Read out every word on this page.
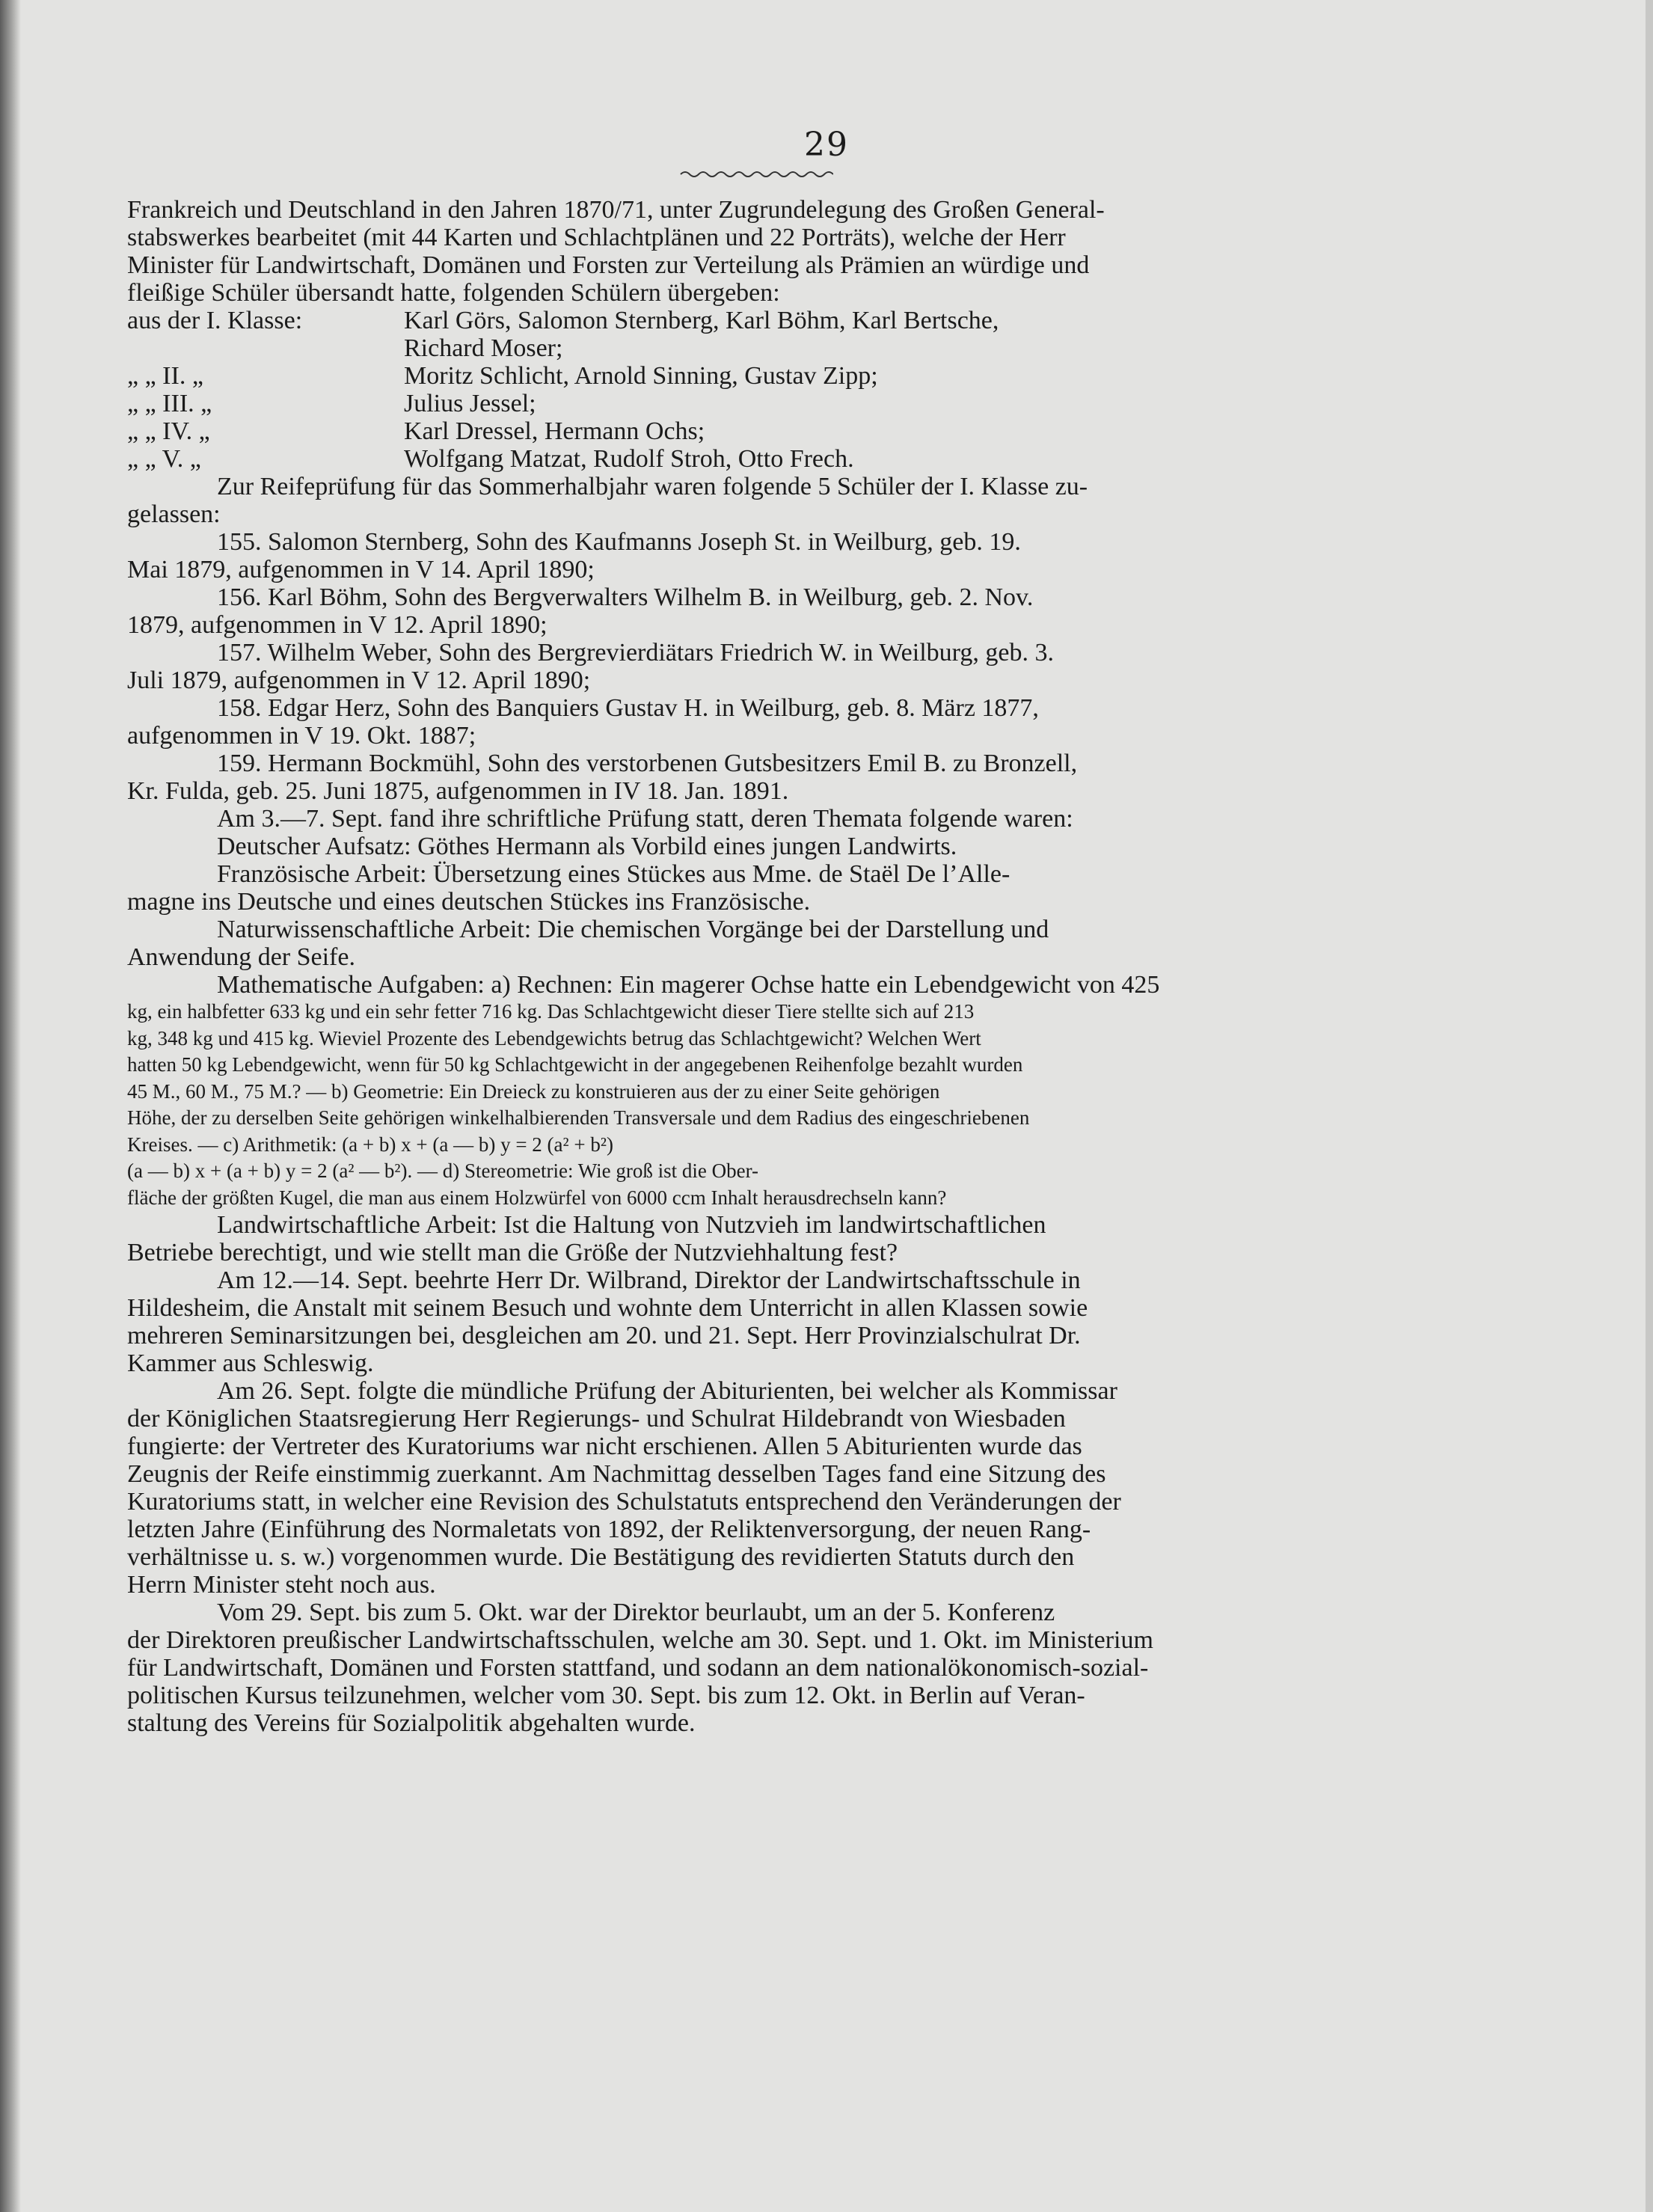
29
Frankreich und Deutschland in den Jahren 1870/71, unter Zugrundelegung des Großen General-
stabswerkes bearbeitet (mit 44 Karten und Schlachtplänen und 22 Porträts), welche der Herr
Minister für Landwirtschaft, Domänen und Forsten zur Verteilung als Prämien an würdige und
fleißige Schüler übersandt hatte, folgenden Schülern übergeben:
aus der I. Klasse:	Karl Görs, Salomon Sternberg, Karl Böhm, Karl Bertsche,
Richard Moser;
„ „ II. „	Moritz Schlicht, Arnold Sinning, Gustav Zipp;
„ „ III. „	Julius Jessel;
„ „ IV. „	Karl Dressel, Hermann Ochs;
„ „ V. „	Wolfgang Matzat, Rudolf Stroh, Otto Frech.
Zur Reifeprüfung für das Sommerhalbjahr waren folgende 5 Schüler der I. Klasse zu-
gelassen:
155. Salomon Sternberg, Sohn des Kaufmanns Joseph St. in Weilburg, geb. 19.
Mai 1879, aufgenommen in V 14. April 1890;
156. Karl Böhm, Sohn des Bergverwalters Wilhelm B. in Weilburg, geb. 2. Nov.
1879, aufgenommen in V 12. April 1890;
157. Wilhelm Weber, Sohn des Bergrevierdiätars Friedrich W. in Weilburg, geb. 3.
Juli 1879, aufgenommen in V 12. April 1890;
158. Edgar Herz, Sohn des Banquiers Gustav H. in Weilburg, geb. 8. März 1877,
aufgenommen in V 19. Okt. 1887;
159. Hermann Bockmühl, Sohn des verstorbenen Gutsbesitzers Emil B. zu Bronzell,
Kr. Fulda, geb. 25. Juni 1875, aufgenommen in IV 18. Jan. 1891.
Am 3.—7. Sept. fand ihre schriftliche Prüfung statt, deren Themata folgende waren:
Deutscher Aufsatz: Göthes Hermann als Vorbild eines jungen Landwirts.
Französische Arbeit: Übersetzung eines Stückes aus Mme. de Staël De l’Alle-
magne ins Deutsche und eines deutschen Stückes ins Französische.
Naturwissenschaftliche Arbeit: Die chemischen Vorgänge bei der Darstellung und
Anwendung der Seife.
Mathematische Aufgaben: a) Rechnen: Ein magerer Ochse hatte ein Lebendgewicht von 425
kg, ein halbfetter 633 kg und ein sehr fetter 716 kg. Das Schlachtgewicht dieser Tiere stellte sich auf 213
kg, 348 kg und 415 kg. Wieviel Prozente des Lebendgewichts betrug das Schlachtgewicht? Welchen Wert
hatten 50 kg Lebendgewicht, wenn für 50 kg Schlachtgewicht in der angegebenen Reihenfolge bezahlt wurden
45 M., 60 M., 75 M.? — b) Geometrie: Ein Dreieck zu konstruieren aus der zu einer Seite gehörigen
Höhe, der zu derselben Seite gehörigen winkelhalbierenden Transversale und dem Radius des eingeschriebenen
Kreises. — c) Arithmetik: (a + b) x + (a — b) y = 2 (a² + b²)
(a — b) x + (a + b) y = 2 (a² — b²). — d) Stereometrie: Wie groß ist die Ober-
fläche der größten Kugel, die man aus einem Holzwürfel von 6000 ccm Inhalt herausdrechseln kann?
Landwirtschaftliche Arbeit: Ist die Haltung von Nutzvieh im landwirtschaftlichen
Betriebe berechtigt, und wie stellt man die Größe der Nutzviehhaltung fest?
Am 12.—14. Sept. beehrte Herr Dr. Wilbrand, Direktor der Landwirtschaftsschule in
Hildesheim, die Anstalt mit seinem Besuch und wohnte dem Unterricht in allen Klassen sowie
mehreren Seminarsitzungen bei, desgleichen am 20. und 21. Sept. Herr Provinzialschulrat Dr.
Kammer aus Schleswig.
Am 26. Sept. folgte die mündliche Prüfung der Abiturienten, bei welcher als Kommissar
der Königlichen Staatsregierung Herr Regierungs- und Schulrat Hildebrandt von Wiesbaden
fungierte: der Vertreter des Kuratoriums war nicht erschienen. Allen 5 Abiturienten wurde das
Zeugnis der Reife einstimmig zuerkannt. Am Nachmittag desselben Tages fand eine Sitzung des
Kuratoriums statt, in welcher eine Revision des Schulstatuts entsprechend den Veränderungen der
letzten Jahre (Einführung des Normaletats von 1892, der Reliktenversorgung, der neuen Rang-
verhältnisse u. s. w.) vorgenommen wurde. Die Bestätigung des revidierten Statuts durch den
Herrn Minister steht noch aus.
Vom 29. Sept. bis zum 5. Okt. war der Direktor beurlaubt, um an der 5. Konferenz
der Direktoren preußischer Landwirtschaftsschulen, welche am 30. Sept. und 1. Okt. im Ministerium
für Landwirtschaft, Domänen und Forsten stattfand, und sodann an dem nationalökonomisch-sozial-
politischen Kursus teilzunehmen, welcher vom 30. Sept. bis zum 12. Okt. in Berlin auf Veran-
staltung des Vereins für Sozialpolitik abgehalten wurde.
